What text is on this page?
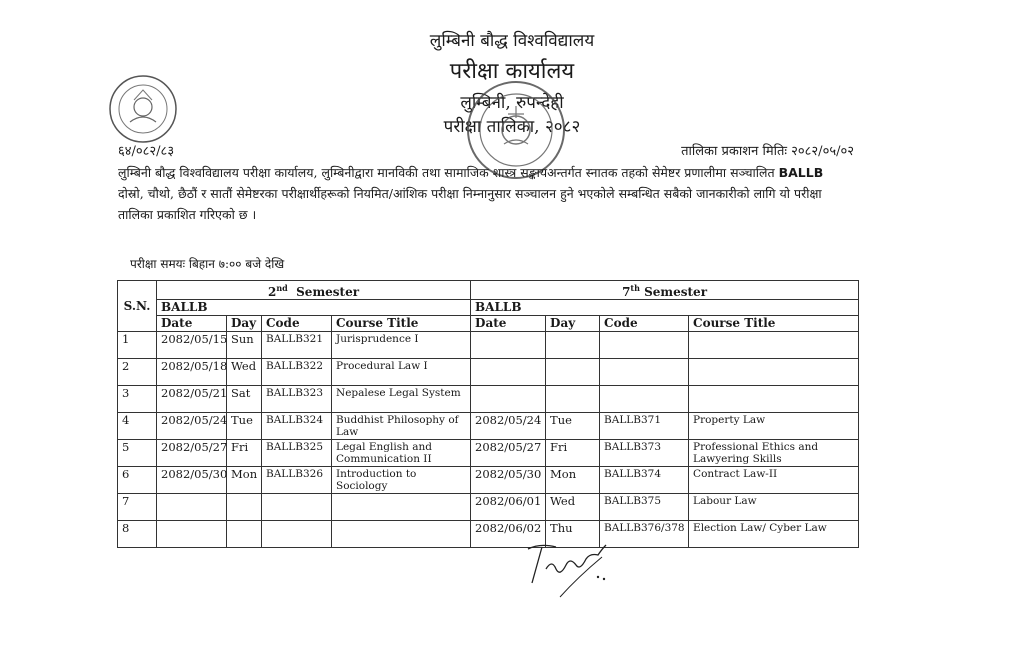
लुम्बिनी बौद्ध विश्वविद्यालय
परीक्षा कार्यालय
लुम्बिनी, रुपन्देही
परीक्षा तालिका, २०८२
६४/०८२/८३	तालिका प्रकाशन मितिः २०८२/०५/०२
लुम्बिनी बौद्ध विश्वविद्यालय परीक्षा कार्यालय, लुम्बिनीद्वारा मानविकी तथा सामाजिक शास्त्र सङ्कायअन्तर्गत स्नातक तहको सेमेष्टर प्रणालीमा सञ्चालित BALLB
दोस्रो, चौथो, छैठौं र सातौं सेमेष्टरका परीक्षार्थीहरूको नियमित/आंशिक परीक्षा निम्नानुसार सञ्चालन हुने भएकोले सम्बन्धित सबैको जानकारीको लागि यो परीक्षा
तालिका प्रकाशित गरिएको छ ।
परीक्षा समयः बिहान ७:०० बजे देखि
S.N.	2nd Semester				7th Semester			
	BALLB				BALLB			
	Date	Day	Code	Course Title	Date	Day	Code	Course Title
1	2082/05/15	Sun	BALLB321	Jurisprudence I				
2	2082/05/18	Wed	BALLB322	Procedural Law I				
3	2082/05/21	Sat	BALLB323	Nepalese Legal System				
4	2082/05/24	Tue	BALLB324	Buddhist Philosophy of Law	2082/05/24	Tue	BALLB371	Property Law
5	2082/05/27	Fri	BALLB325	Legal English and Communication II	2082/05/27	Fri	BALLB373	Professional Ethics and Lawyering Skills
6	2082/05/30	Mon	BALLB326	Introduction to Sociology	2082/05/30	Mon	BALLB374	Contract Law-II
7					2082/06/01	Wed	BALLB375	Labour Law
8					2082/06/02	Thu	BALLB376/378	Election Law/ Cyber Law
